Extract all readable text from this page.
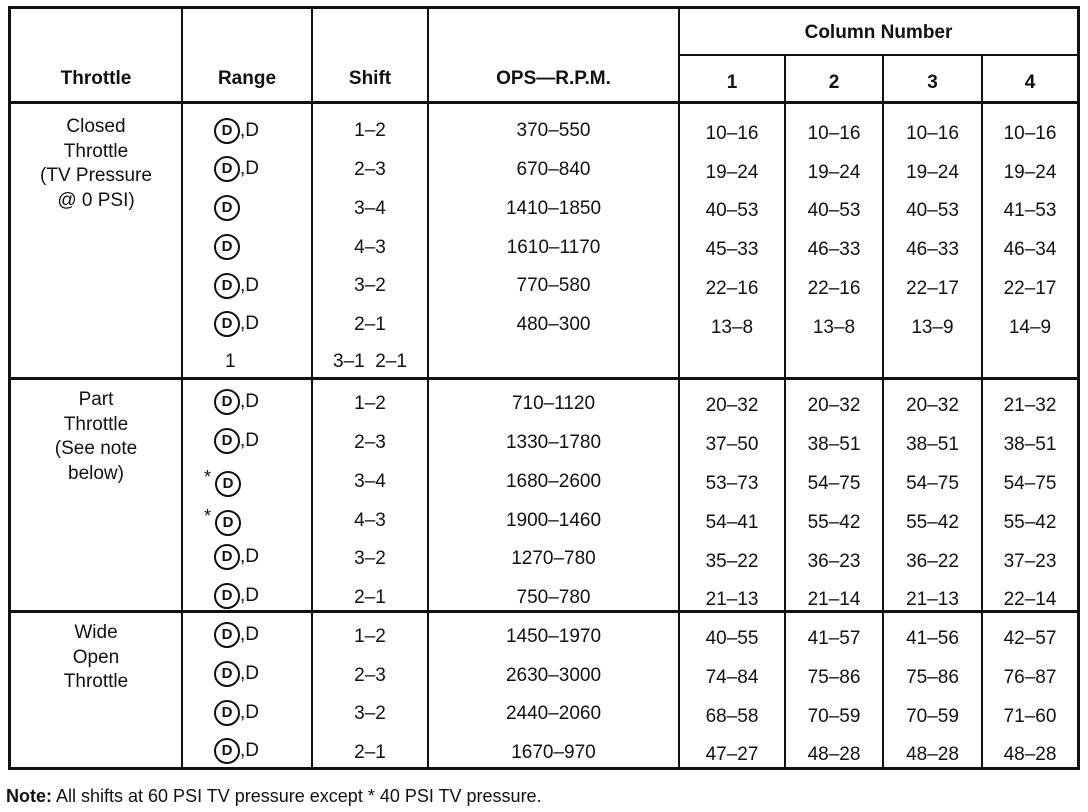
Throttle	Range	Shift	OPS—R.P.M.
Column Number
1	2	3	4
Closed
Throttle
(TV Pressure
@ 0 PSI)
D ,D	1–2	370–550	10–16	10–16	10–16	10–16
D ,D	2–3	670–840	19–24	19–24	19–24	19–24
D	3–4	1410–1850	40–53	40–53	40–53	41–53
D	4–3	1610–1170	45–33	46–33	46–33	46–34
D ,D	3–2	770–580	22–16	22–16	22–17	22–17
D ,D	2–1	480–300	13–8	13–8	13–9	14–9
1	3–1  2–1
Part
Throttle
(See note
below)
D ,D	1–2	710–1120	20–32	20–32	20–32	21–32
D ,D	2–3	1330–1780	37–50	38–51	38–51	38–51
* D	3–4	1680–2600	53–73	54–75	54–75	54–75
* D	4–3	1900–1460	54–41	55–42	55–42	55–42
D ,D	3–2	1270–780	35–22	36–23	36–22	37–23
D ,D	2–1	750–780	21–13	21–14	21–13	22–14
Wide
Open
Throttle
D ,D	1–2	1450–1970	40–55	41–57	41–56	42–57
D ,D	2–3	2630–3000	74–84	75–86	75–86	76–87
D ,D	3–2	2440–2060	68–58	70–59	70–59	71–60
D ,D	2–1	1670–970	47–27	48–28	48–28	48–28
Note: All shifts at 60 PSI TV pressure except * 40 PSI TV pressure.
